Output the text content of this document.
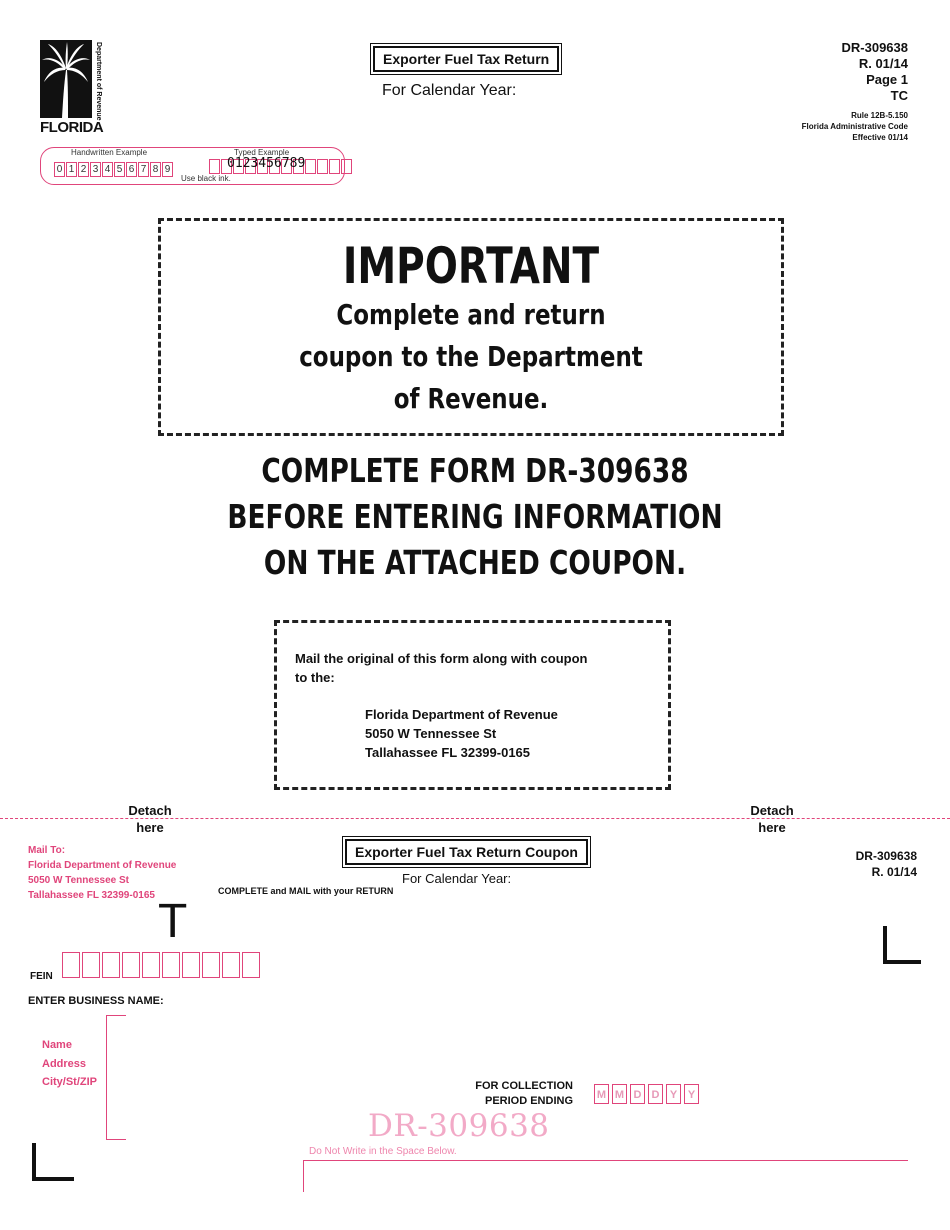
Department of Revenue
FLORIDA
Exporter Fuel Tax Return
For Calendar Year:
DR-309638
R. 01/14
Page 1
TC
Rule 12B-5.150
Florida Administrative Code
Effective 01/14
Handwritten Example	Typed Example
0 1 2 3 4 5 6 7 8 9	0123456789
Use black ink.
IMPORTANT
Complete and return
coupon to the Department
of Revenue.
COMPLETE FORM DR-309638
BEFORE ENTERING INFORMATION
ON THE ATTACHED COUPON.
Mail the original of this form along with coupon
to the:
Florida Department of Revenue
5050 W Tennessee St
Tallahassee FL 32399-0165
Detach
here
Detach
here
Mail To:
Florida Department of Revenue
5050 W Tennessee St
Tallahassee FL 32399-0165
Exporter Fuel Tax Return Coupon
For Calendar Year:
COMPLETE and MAIL with your RETURN
DR-309638
R. 01/14
T
FEIN
ENTER BUSINESS NAME:
Name
Address
City/St/ZIP	FOR COLLECTION
PERIOD ENDING M M D D Y Y
DR-309638
Do Not Write in the Space Below.
